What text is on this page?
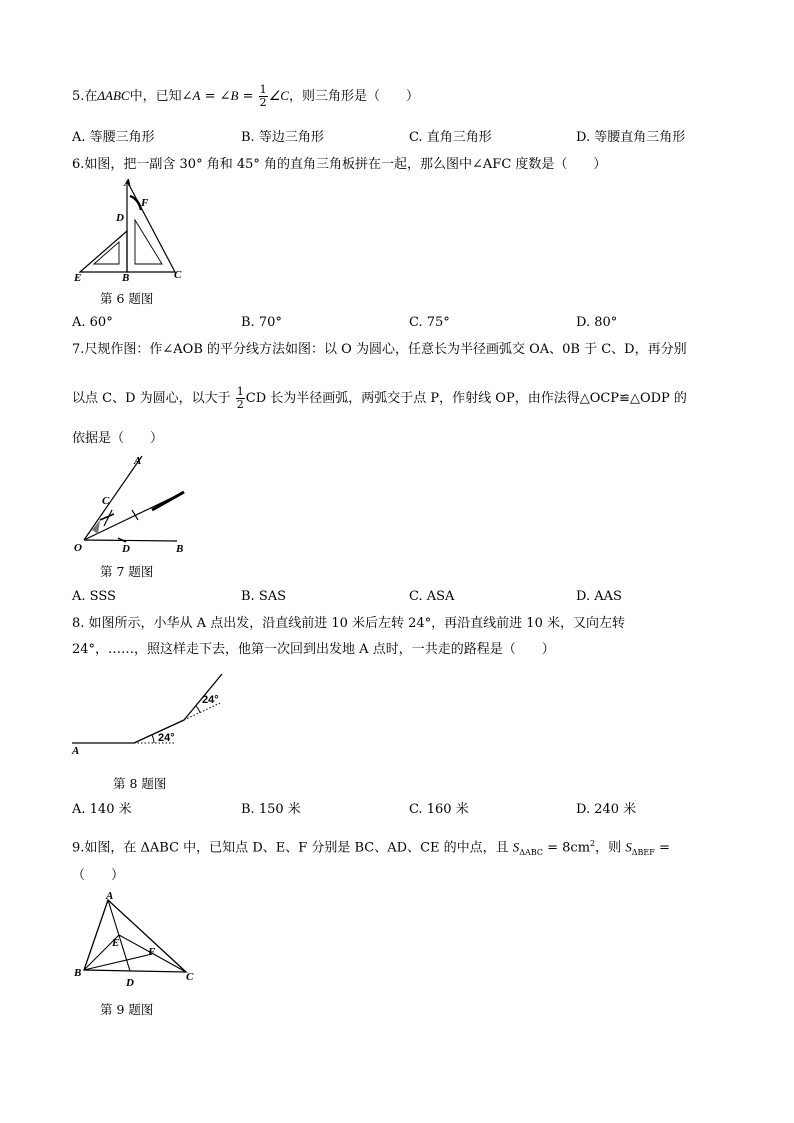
5.在ΔABC中，已知∠A = ∠B = $\frac{1}{2}$ ∠C，则三角形是（　　）
A. 等腰三角形	B. 等边三角形	C. 直角三角形	D. 等腰直角三角形
6.如图，把一副含 30° 角和 45° 角的直角三角板拼在一起，那么图中∠AFC 度数是（　　）
A
D
F
E	B	C
第 6 题图
A. 60°	B. 70°	C. 75°	D. 80°
7.尺规作图：作∠AOB 的平分线方法如图：以 O 为圆心，任意长为半径画弧交 OA、0B 于 C、D，再分别
以点 C、D 为圆心，以大于 $\frac{1}{2}$ CD 长为半径画弧，两弧交于点 P，作射线 OP，由作法得△OCP≌△ODP 的
依据是（　　）
A
C
O	D	B
第 7 题图
A. SSS	B. SAS	C. ASA	D. AAS
8. 如图所示，小华从 A 点出发，沿直线前进 10 米后左转 24°，再沿直线前进 10 米，又向左转
24°，……，照这样走下去，他第一次回到出发地 A 点时，一共走的路程是（　　）
A
24°
24°
第 8 题图
A. 140 米	B. 150 米	C. 160 米	D. 240 米
9.如图，在 ΔABC 中，已知点 D、E、F 分别是 BC、AD、CE 的中点，且 $S_{\Delta ABC} = 8cm^2$，则 $S_{\Delta BEF}$ =
（　　）
A
E
F
B
D	C
第 9 题图
